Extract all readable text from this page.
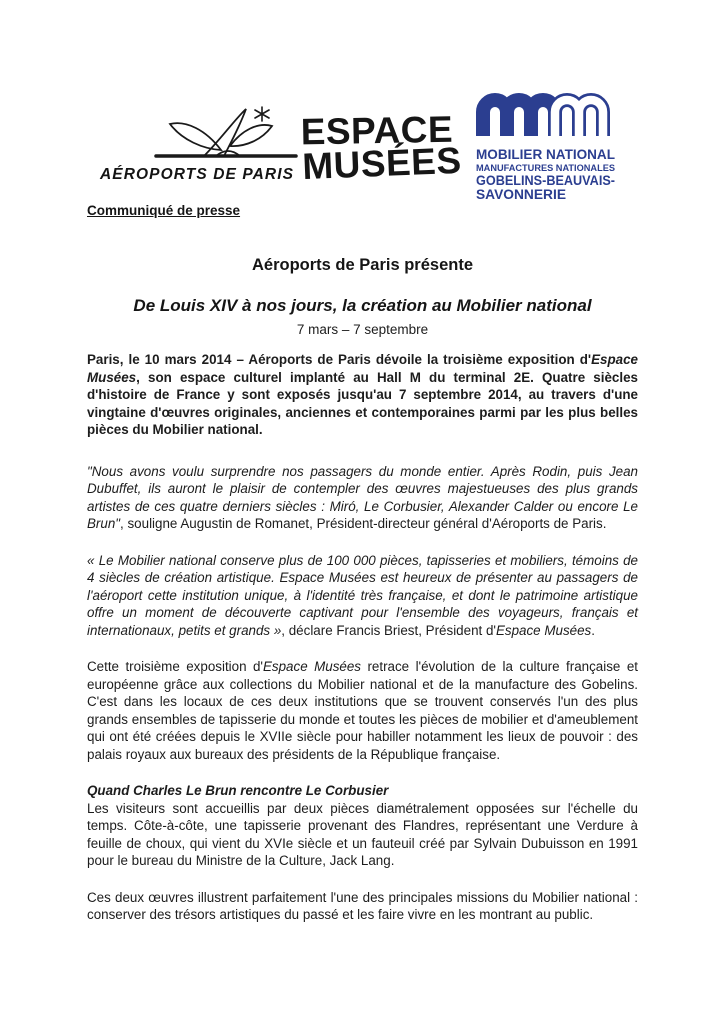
AÉROPORTS DE PARIS
ESPACE
MUSÉES MOBILIER NATIONAL
MANUFACTURES NATIONALES
GOBELINS-BEAUVAIS-
SAVONNERIE
Communiqué de presse
Aéroports de Paris présente
De Louis XIV à nos jours, la création au Mobilier national
7 mars – 7 septembre

Paris, le 10 mars 2014 – Aéroports de Paris dévoile la troisième exposition d'Espace Musées, son espace culturel implanté au Hall M du terminal 2E. Quatre siècles d'histoire de France y sont exposés jusqu'au 7 septembre 2014, au travers d'une vingtaine d'œuvres originales, anciennes et contemporaines parmi par les plus belles pièces du Mobilier national.

"Nous avons voulu surprendre nos passagers du monde entier. Après Rodin, puis Jean Dubuffet, ils auront le plaisir de contempler des œuvres majestueuses des plus grands artistes de ces quatre derniers siècles : Miró, Le Corbusier, Alexander Calder ou encore Le Brun", souligne Augustin de Romanet, Président-directeur général d'Aéroports de Paris.

« Le Mobilier national conserve plus de 100 000 pièces, tapisseries et mobiliers, témoins de 4 siècles de création artistique. Espace Musées est heureux de présenter au passagers de l'aéroport cette institution unique, à l'identité très française, et dont le patrimoine artistique offre un moment de découverte captivant pour l'ensemble des voyageurs, français et internationaux, petits et grands », déclare Francis Briest, Président d'Espace Musées.

Cette troisième exposition d'Espace Musées retrace l'évolution de la culture française et européenne grâce aux collections du Mobilier national et de la manufacture des Gobelins. C'est dans les locaux de ces deux institutions que se trouvent conservés l'un des plus grands ensembles de tapisserie du monde et toutes les pièces de mobilier et d'ameublement qui ont été créées depuis le XVIIe siècle pour habiller notamment les lieux de pouvoir : des palais royaux aux bureaux des présidents de la République française.

Quand Charles Le Brun rencontre Le Corbusier

Les visiteurs sont accueillis par deux pièces diamétralement opposées sur l'échelle du temps. Côte-à-côte, une tapisserie provenant des Flandres, représentant une Verdure à feuille de choux, qui vient du XVIe siècle et un fauteuil créé par Sylvain Dubuisson en 1991 pour le bureau du Ministre de la Culture, Jack Lang.

Ces deux œuvres illustrent parfaitement l'une des principales missions du Mobilier national : conserver des trésors artistiques du passé et les faire vivre en les montrant au public.
